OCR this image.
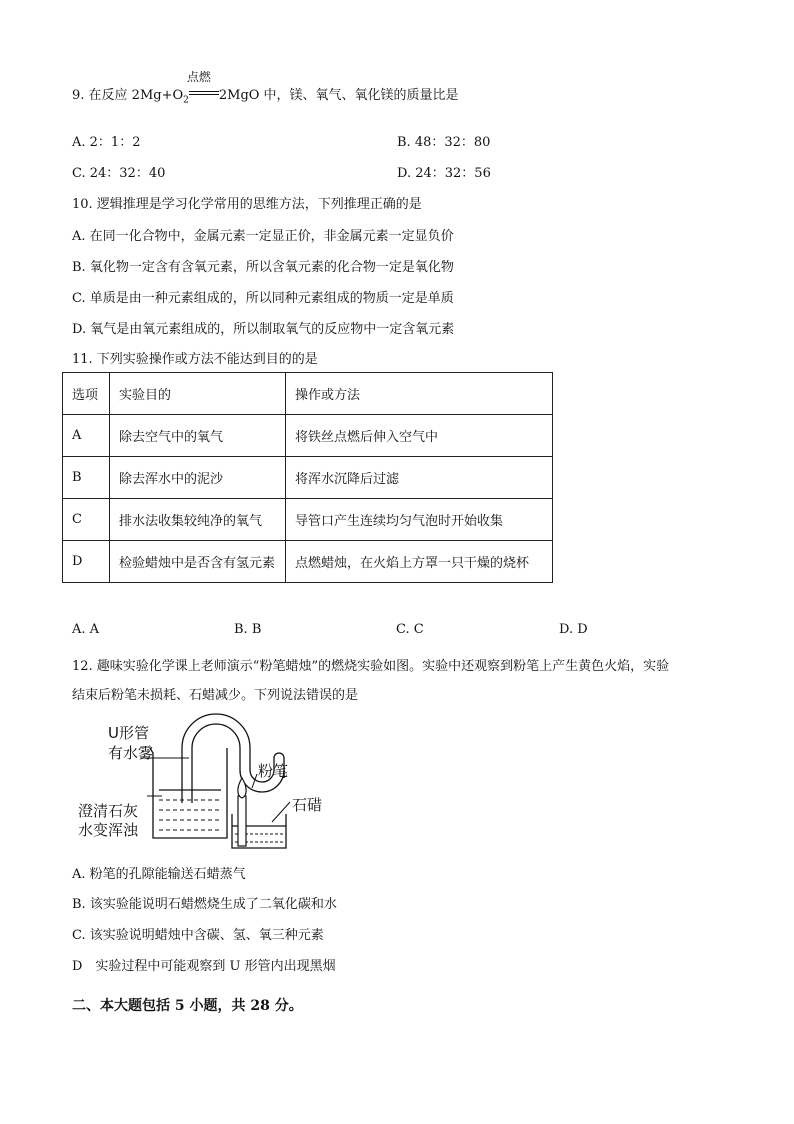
9. 在反应 $2Mg+O_2$
点燃
2MgO 中，镁、氧气、氧化镁的质量比是
A. 2：1：2	B. 48：32：80
C. 24：32：40	D. 24：32：56
10. 逻辑推理是学习化学常用的思维方法，下列推理正确的是
A. 在同一化合物中，金属元素一定显正价，非金属元素一定显负价
B. 氧化物一定含有含氧元素，所以含氧元素的化合物一定是氧化物
C. 单质是由一种元素组成的，所以同种元素组成的物质一定是单质
D. 氧气是由氧元素组成的，所以制取氧气的反应物中一定含氧元素
11. 下列实验操作或方法不能达到目的的是
选项	实验目的	操作或方法
A	除去空气中的氧气	将铁丝点燃后伸入空气中
B	除去浑水中的泥沙	将浑水沉降后过滤
C	排水法收集较纯净的氧气	导管口产生连续均匀气泡时开始收集
D	检验蜡烛中是否含有氢元素	点燃蜡烛，在火焰上方罩一只干燥的烧杯
A. A	B. B	C. C	D. D
12. 趣味实验化学课上老师演示“粉笔蜡烛”的燃烧实验如图。实验中还观察到粉笔上产生黄色火焰，实验
结束后粉笔未损耗、石蜡减少。下列说法错误的是
U形管
有水雾
粉笔
澄清石灰
水变浑浊
石碏
A. 粉笔的孔隙能输送石蜡蒸气
B. 该实验能说明石蜡燃烧生成了二氧化碳和水
C. 该实验说明蜡烛中含碳、氢、氧三种元素
D　实验过程中可能观察到 U 形管内出现黑烟
二、本大题包括 5 小题，共 28 分。
